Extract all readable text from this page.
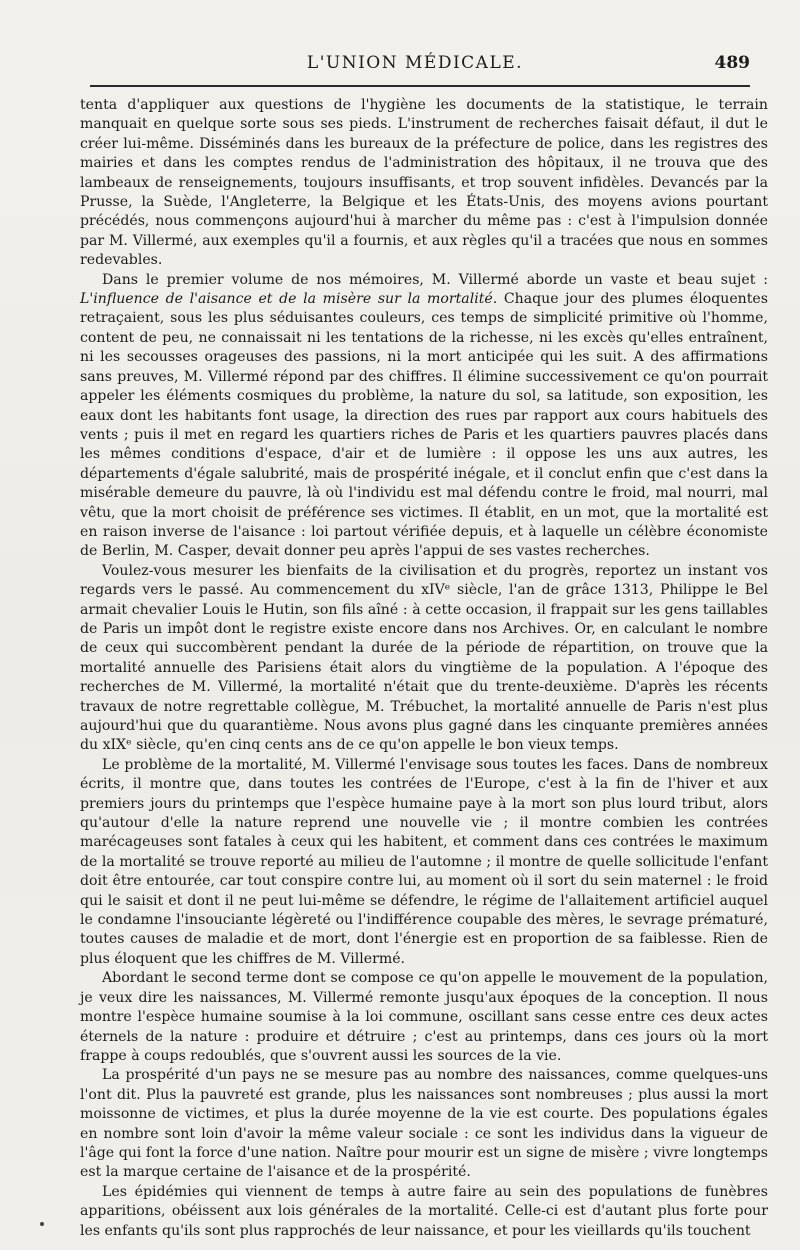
L'UNION MÉDICALE.	489

tenta d'appliquer aux questions de l'hygiène les documents de la statistique, le terrain manquait en quelque sorte sous ses pieds. L'instrument de recherches faisait défaut, il dut le créer lui-même. Disséminés dans les bureaux de la préfecture de police, dans les registres des mairies et dans les comptes rendus de l'administration des hôpitaux, il ne trouva que des lambeaux de renseignements, toujours insuffisants, et trop souvent infidèles. Devancés par la Prusse, la Suède, l'Angleterre, la Belgique et les États-Unis, des moyens avions pourtant précédés, nous commençons aujourd'hui à marcher du même pas : c'est à l'impulsion donnée par M. Villermé, aux exemples qu'il a fournis, et aux règles qu'il a tracées que nous en sommes redevables.

Dans le premier volume de nos mémoires, M. Villermé aborde un vaste et beau sujet : L'influence de l'aisance et de la misère sur la mortalité. Chaque jour des plumes éloquentes retraçaient, sous les plus séduisantes couleurs, ces temps de simplicité primitive où l'homme, content de peu, ne connaissait ni les tentations de la richesse, ni les excès qu'elles entraînent, ni les secousses orageuses des passions, ni la mort anticipée qui les suit. A des affirmations sans preuves, M. Villermé répond par des chiffres. Il élimine successivement ce qu'on pourrait appeler les éléments cosmiques du problème, la nature du sol, sa latitude, son exposition, les eaux dont les habitants font usage, la direction des rues par rapport aux cours habituels des vents ; puis il met en regard les quartiers riches de Paris et les quartiers pauvres placés dans les mêmes conditions d'espace, d'air et de lumière : il oppose les uns aux autres, les départements d'égale salubrité, mais de prospérité inégale, et il conclut enfin que c'est dans la misérable demeure du pauvre, là où l'individu est mal défendu contre le froid, mal nourri, mal vêtu, que la mort choisit de préférence ses victimes. Il établit, en un mot, que la mortalité est en raison inverse de l'aisance : loi partout vérifiée depuis, et à laquelle un célèbre économiste de Berlin, M. Casper, devait donner peu après l'appui de ses vastes recherches.

Voulez-vous mesurer les bienfaits de la civilisation et du progrès, reportez un instant vos regards vers le passé. Au commencement du xIVᵉ siècle, l'an de grâce 1313, Philippe le Bel armait chevalier Louis le Hutin, son fils aîné : à cette occasion, il frappait sur les gens taillables de Paris un impôt dont le registre existe encore dans nos Archives. Or, en calculant le nombre de ceux qui succombèrent pendant la durée de la période de répartition, on trouve que la mortalité annuelle des Parisiens était alors du vingtième de la population. A l'époque des recherches de M. Villermé, la mortalité n'était que du trente-deuxième. D'après les récents travaux de notre regrettable collègue, M. Trébuchet, la mortalité annuelle de Paris n'est plus aujourd'hui que du quarantième. Nous avons plus gagné dans les cinquante premières années du xIXᵉ siècle, qu'en cinq cents ans de ce qu'on appelle le bon vieux temps.

Le problème de la mortalité, M. Villermé l'envisage sous toutes les faces. Dans de nombreux écrits, il montre que, dans toutes les contrées de l'Europe, c'est à la fin de l'hiver et aux premiers jours du printemps que l'espèce humaine paye à la mort son plus lourd tribut, alors qu'autour d'elle la nature reprend une nouvelle vie ; il montre combien les contrées marécageuses sont fatales à ceux qui les habitent, et comment dans ces contrées le maximum de la mortalité se trouve reporté au milieu de l'automne ; il montre de quelle sollicitude l'enfant doit être entourée, car tout conspire contre lui, au moment où il sort du sein maternel : le froid qui le saisit et dont il ne peut lui-même se défendre, le régime de l'allaitement artificiel auquel le condamne l'insouciante légèreté ou l'indifférence coupable des mères, le sevrage prématuré, toutes causes de maladie et de mort, dont l'énergie est en proportion de sa faiblesse. Rien de plus éloquent que les chiffres de M. Villermé.

Abordant le second terme dont se compose ce qu'on appelle le mouvement de la population, je veux dire les naissances, M. Villermé remonte jusqu'aux époques de la conception. Il nous montre l'espèce humaine soumise à la loi commune, oscillant sans cesse entre ces deux actes éternels de la nature : produire et détruire ; c'est au printemps, dans ces jours où la mort frappe à coups redoublés, que s'ouvrent aussi les sources de la vie.

La prospérité d'un pays ne se mesure pas au nombre des naissances, comme quelques-uns l'ont dit. Plus la pauvreté est grande, plus les naissances sont nombreuses ; plus aussi la mort moissonne de victimes, et plus la durée moyenne de la vie est courte. Des populations égales en nombre sont loin d'avoir la même valeur sociale : ce sont les individus dans la vigueur de l'âge qui font la force d'une nation. Naître pour mourir est un signe de misère ; vivre longtemps est la marque certaine de l'aisance et de la prospérité.

Les épidémies qui viennent de temps à autre faire au sein des populations de funèbres apparitions, obéissent aux lois générales de la mortalité. Celle-ci est d'autant plus forte pour les enfants qu'ils sont plus rapprochés de leur naissance, et pour les vieillards qu'ils touchent
